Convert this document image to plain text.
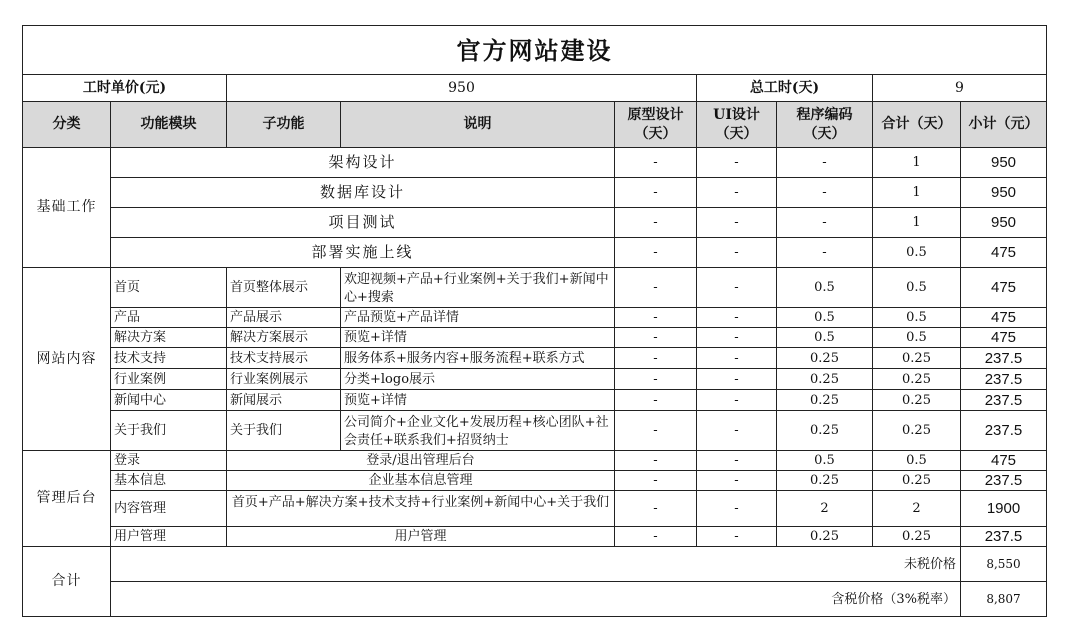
官方网站建设								
工时单价(元)		950			总工时(天)		9	
分类	功能模块	子功能	说明	原型设计（天）	UI设计（天）	程序编码（天）	合计（天）	小计（元）
基础工作	架构设计			-	-	-	1	950
	数据库设计			-	-	-	1	950
	项目测试			-	-	-	1	950
	部署实施上线			-	-	-	0.5	475
网站内容	首页	首页整体展示	欢迎视频+产品+行业案例+关于我们+新闻中心+搜索	-	-	0.5	0.5	475
	产品	产品展示	产品预览+产品详情	-	-	0.5	0.5	475
	解决方案	解决方案展示	预览+详情	-	-	0.5	0.5	475
	技术支持	技术支持展示	服务体系+服务内容+服务流程+联系方式	-	-	0.25	0.25	237.5
	行业案例	行业案例展示	分类+logo展示	-	-	0.25	0.25	237.5
	新闻中心	新闻展示	预览+详情	-	-	0.25	0.25	237.5
	关于我们	关于我们	公司简介+企业文化+发展历程+核心团队+社会责任+联系我们+招贤纳士	-	-	0.25	0.25	237.5
管理后台	登录	登录/退出管理后台		-	-	0.5	0.5	475
	基本信息	企业基本信息管理		-	-	0.25	0.25	237.5
	内容管理	首页+产品+解决方案+技术支持+行业案例+新闻中心+关于我们		-	-	2	2	1900
	用户管理	用户管理		-	-	0.25	0.25	237.5
合计	未税价格							8,550
	含税价格（3%税率）							8,807
